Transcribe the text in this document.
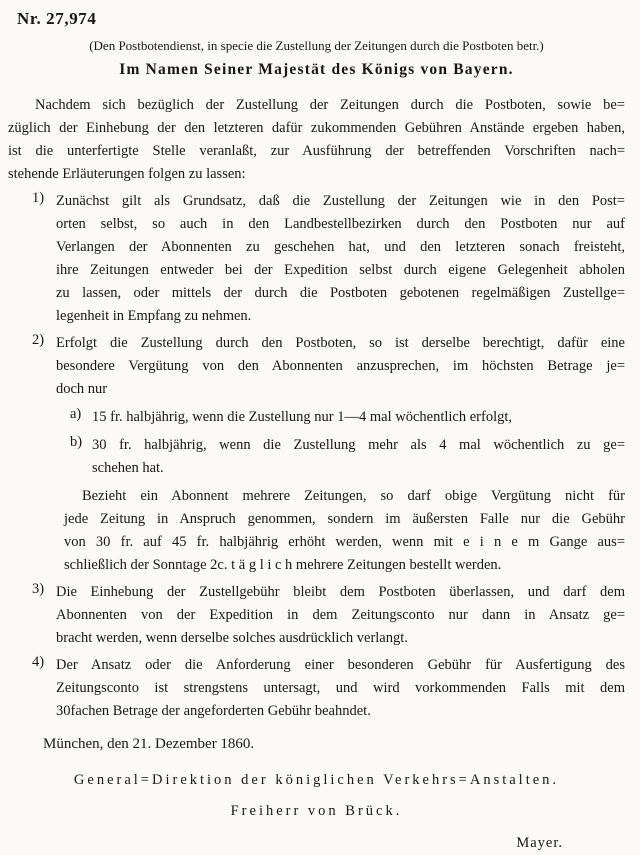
Nr. 27,974
(Den Postbotendienst, in specie die Zustellung der Zeitungen durch die Postboten betr.)
Im Namen Seiner Majestät des Königs von Bayern.
Nachdem sich bezüglich der Zustellung der Zeitungen durch die Postboten, sowie be=
züglich der Einhebung der den letzteren dafür zukommenden Gebühren Anstände ergeben haben,
ist die unterfertigte Stelle veranlaßt, zur Ausführung der betreffenden Vorschriften nach=
stehende Erläuterungen folgen zu lassen:
1) Zunächst gilt als Grundsatz, daß die Zustellung der Zeitungen wie in den Post=
orten selbst, so auch in den Landbestellbezirken durch den Postboten nur auf
Verlangen der Abonnenten zu geschehen hat, und den letzteren sonach freisteht,
ihre Zeitungen entweder bei der Expedition selbst durch eigene Gelegenheit abholen
zu lassen, oder mittels der durch die Postboten gebotenen regelmäßigen Zustellge=
legenheit in Empfang zu nehmen.
2) Erfolgt die Zustellung durch den Postboten, so ist derselbe berechtigt, dafür eine
besondere Vergütung von den Abonnenten anzusprechen, im höchsten Betrage je=
doch nur
a) 15 fr. halbjährig, wenn die Zustellung nur 1—4 mal wöchentlich erfolgt,
b) 30 fr. halbjährig, wenn die Zustellung mehr als 4 mal wöchentlich zu ge=
schehen hat.
Bezieht ein Abonnent mehrere Zeitungen, so darf obige Vergütung nicht für
jede Zeitung in Anspruch genommen, sondern im äußersten Falle nur die Gebühr
von 30 fr. auf 45 fr. halbjährig erhöht werden, wenn mit e i n e m Gange aus=
schließlich der Sonntage 2c. t ä g l i c h mehrere Zeitungen bestellt werden.
3) Die Einhebung der Zustellgebühr bleibt dem Postboten überlassen, und darf dem
Abonnenten von der Expedition in dem Zeitungsconto nur dann in Ansatz ge=
bracht werden, wenn derselbe solches ausdrücklich verlangt.
4) Der Ansatz oder die Anforderung einer besonderen Gebühr für Ausfertigung des
Zeitungsconto ist strengstens untersagt, und wird vorkommenden Falls mit dem
30fachen Betrage der angeforderten Gebühr beahndet.
München, den 21. Dezember 1860.
General=Direktion der königlichen Verkehrs=Anstalten.
Freiherr von Brück.
Mayer.
